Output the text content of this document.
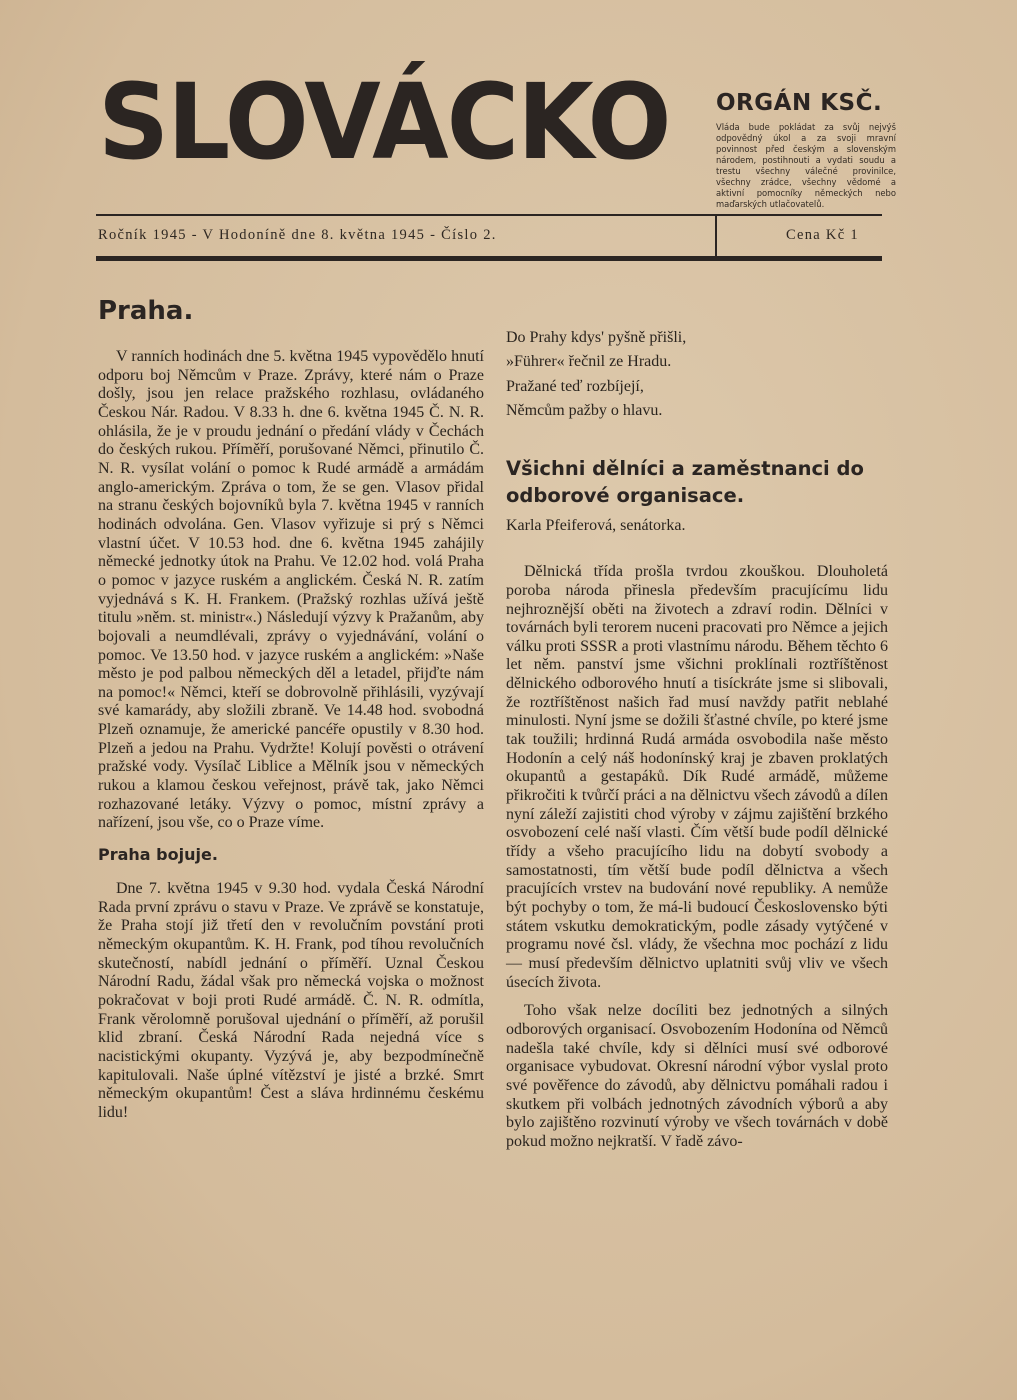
SLOVÁCKO ORGÁN KSČ.

Vláda bude pokládat za svůj nejvýš odpovědný úkol a za svoji mravní povinnost před českým a slovenským národem, postihnouti a vydati soudu a trestu všechny válečné provinilce, všechny zrádce, všechny vědomé a aktivní pomocníky německých nebo maďarských utlačovatelů.

Ročník 1945 - V Hodoníně dne 8. května 1945 - Číslo 2.	Cena Kč 1
Praha.

V ranních hodinách dne 5. května 1945 vypovědělo hnutí odporu boj Němcům v Praze. Zprávy, které nám o Praze došly, jsou jen relace pražského rozhlasu, ovládaného Českou Nár. Radou. V 8.33 h. dne 6. května 1945 Č. N. R. ohlásila, že je v proudu jednání o předání vlády v Čechách do českých rukou. Příměří, porušované Němci, přinutilo Č. N. R. vysílat volání o pomoc k Rudé armádě a armádám anglo-americkým. Zpráva o tom, že se gen. Vlasov přidal na stranu českých bojovníků byla 7. května 1945 v ranních hodinách odvolána. Gen. Vlasov vyřizuje si prý s Němci vlastní účet. V 10.53 hod. dne 6. května 1945 zahájily německé jednotky útok na Prahu. Ve 12.02 hod. volá Praha o pomoc v jazyce ruském a anglickém. Česká N. R. zatím vyjednává s K. H. Frankem. (Pražský rozhlas užívá ještě titulu »něm. st. ministr«.) Následují výzvy k Pražanům, aby bojovali a neumdlévali, zprávy o vyjednávání, volání o pomoc. Ve 13.50 hod. v jazyce ruském a anglickém: »Naše město je pod palbou německých děl a letadel, přijďte nám na pomoc!« Němci, kteří se dobrovolně přihlásili, vyzývají své kamarády, aby složili zbraně. Ve 14.48 hod. svobodná Plzeň oznamuje, že americké pancéře opustily v 8.30 hod. Plzeň a jedou na Prahu. Vydržte! Kolují pověsti o otrávení pražské vody. Vysílač Liblice a Mělník jsou v německých rukou a klamou českou veřejnost, právě tak, jako Němci rozhazované letáky. Výzvy o pomoc, místní zprávy a nařízení, jsou vše, co o Praze víme.

Praha bojuje.

Dne 7. května 1945 v 9.30 hod. vydala Česká Národní Rada první zprávu o stavu v Praze. Ve zprávě se konstatuje, že Praha stojí již třetí den v revolučním povstání proti německým okupantům. K. H. Frank, pod tíhou revolučních skutečností, nabídl jednání o příměří. Uznal Českou Národní Radu, žádal však pro německá vojska o možnost pokračovat v boji proti Rudé armádě. Č. N. R. odmítla, Frank věrolomně porušoval ujednání o příměří, až porušil klid zbraní. Česká Národní Rada nejedná více s nacistickými okupanty. Vyzývá je, aby bezpodmínečně kapitulovali. Naše úplné vítězství je jisté a brzké. Smrt německým okupantům! Čest a sláva hrdinnému českému lidu!

Do Prahy kdys' pyšně přišli,
»Führer« řečnil ze Hradu.
Pražané teď rozbíjejí,
Němcům pažby o hlavu.
Všichni dělníci a zaměstnanci do odborové organisace.
Karla Pfeiferová, senátorka.

Dělnická třída prošla tvrdou zkouškou. Dlouholetá poroba národa přinesla především pracujícímu lidu nejhroznější oběti na životech a zdraví rodin. Dělníci v továrnách byli terorem nuceni pracovati pro Němce a jejich válku proti SSSR a proti vlastnímu národu. Během těchto 6 let něm. panství jsme všichni proklínali roztříštěnost dělnického odborového hnutí a tisíckráte jsme si slibovali, že roztříštěnost našich řad musí navždy patřit neblahé minulosti. Nyní jsme se dožili šťastné chvíle, po které jsme tak toužili; hrdinná Rudá armáda osvobodila naše město Hodonín a celý náš hodonínský kraj je zbaven proklatých okupantů a gestapáků. Dík Rudé armádě, můžeme přikročiti k tvůrčí práci a na dělnictvu všech závodů a dílen nyní záleží zajistiti chod výroby v zájmu zajištění brzkého osvobození celé naší vlasti. Čím větší bude podíl dělnické třídy a všeho pracujícího lidu na dobytí svobody a samostatnosti, tím větší bude podíl dělnictva a všech pracujících vrstev na budování nové republiky. A nemůže být pochyby o tom, že má-li budoucí Československo býti státem vskutku demokratickým, podle zásady vytýčené v programu nové čsl. vlády, že všechna moc pochází z lidu — musí především dělnictvo uplatniti svůj vliv ve všech úsecích života.

Toho však nelze docíliti bez jednotných a silných odborových organisací. Osvobozením Hodonína od Němců nadešla také chvíle, kdy si dělníci musí své odborové organisace vybudovat. Okresní národní výbor vyslal proto své pověřence do závodů, aby dělnictvu pomáhali radou i skutkem při volbách jednotných závodních výborů a aby bylo zajištěno rozvinutí výroby ve všech továrnách v době pokud možno nejkratší. V řadě závo-
